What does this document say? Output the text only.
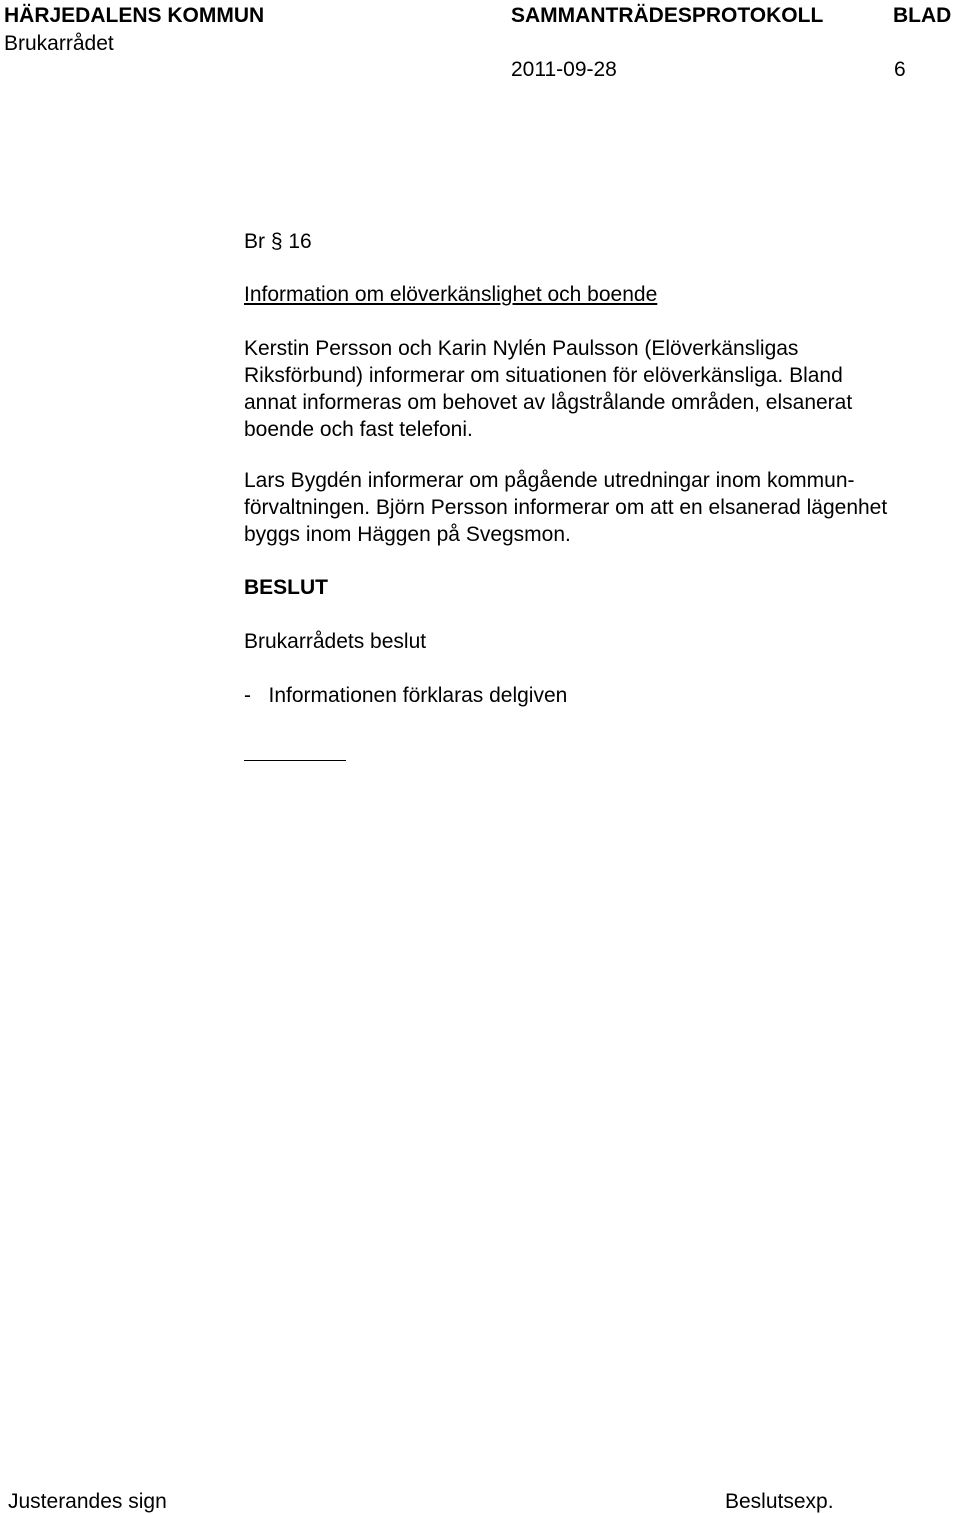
HÄRJEDALENS KOMMUN	SAMMANTRÄDESPROTOKOLL	BLAD
Brukarrådet
2011-09-28	6
Br § 16
Information om elöverkänslighet och boende
Kerstin Persson och Karin Nylén Paulsson (Elöverkänsligas
Riksförbund) informerar om situationen för elöverkänsliga. Bland
annat informeras om behovet av lågstrålande områden, elsanerat
boende och fast telefoni.
Lars Bygdén informerar om pågående utredningar inom kommun-
förvaltningen. Björn Persson informerar om att en elsanerad lägenhet
byggs inom Häggen på Svegsmon.
BESLUT
Brukarrådets beslut
-   Informationen förklaras delgiven
Justerandes sign	Beslutsexp.
